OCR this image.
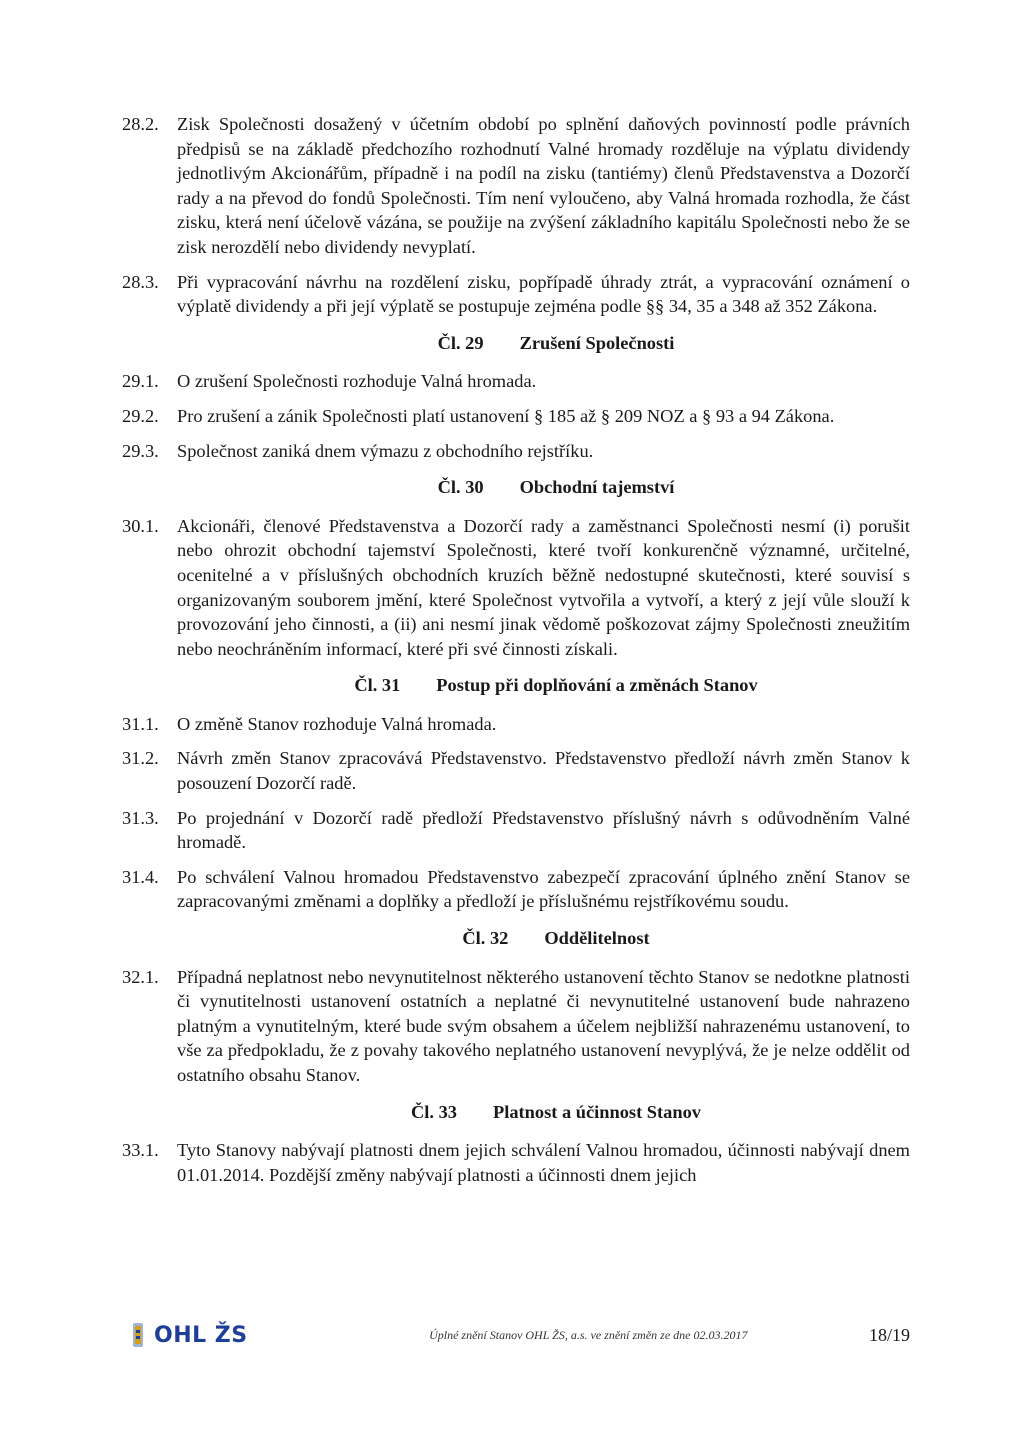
28.2. Zisk Společnosti dosažený v účetním období po splnění daňových povinností podle právních předpisů se na základě předchozího rozhodnutí Valné hromady rozděluje na výplatu dividendy jednotlivým Akcionářům, případně i na podíl na zisku (tantiémy) členů Představenstva a Dozorčí rady a na převod do fondů Společnosti. Tím není vyloučeno, aby Valná hromada rozhodla, že část zisku, která není účelově vázána, se použije na zvýšení základního kapitálu Společnosti nebo že se zisk nerozdělí nebo dividendy nevyplatí.
28.3. Při vypracování návrhu na rozdělení zisku, popřípadě úhrady ztrát, a vypracování oznámení o výplatě dividendy a při její výplatě se postupuje zejména podle §§ 34, 35 a 348 až 352 Zákona.
Čl. 29 Zrušení Společnosti
29.1. O zrušení Společnosti rozhoduje Valná hromada.
29.2. Pro zrušení a zánik Společnosti platí ustanovení § 185 až § 209 NOZ a § 93 a 94 Zákona.
29.3. Společnost zaniká dnem výmazu z obchodního rejstříku.
Čl. 30 Obchodní tajemství
30.1. Akcionáři, členové Představenstva a Dozorčí rady a zaměstnanci Společnosti nesmí (i) porušit nebo ohrozit obchodní tajemství Společnosti, které tvoří konkurenčně významné, určitelné, ocenitelné a v příslušných obchodních kruzích běžně nedostupné skutečnosti, které souvisí s organizovaným souborem jmění, které Společnost vytvořila a vytvoří, a který z její vůle slouží k provozování jeho činnosti, a (ii) ani nesmí jinak vědomě poškozovat zájmy Společnosti zneužitím nebo neochráněním informací, které při své činnosti získali.
Čl. 31 Postup při doplňování a změnách Stanov
31.1. O změně Stanov rozhoduje Valná hromada.
31.2. Návrh změn Stanov zpracovává Představenstvo. Představenstvo předloží návrh změn Stanov k posouzení Dozorčí radě.
31.3. Po projednání v Dozorčí radě předloží Představenstvo příslušný návrh s odůvodněním Valné hromadě.
31.4. Po schválení Valnou hromadou Představenstvo zabezpečí zpracování úplného znění Stanov se zapracovanými změnami a doplňky a předloží je příslušnému rejstříkovému soudu.
Čl. 32 Oddělitelnost
32.1. Případná neplatnost nebo nevynutitelnost některého ustanovení těchto Stanov se nedotkne platnosti či vynutitelnosti ustanovení ostatních a neplatné či nevynutitelné ustanovení bude nahrazeno platným a vynutitelným, které bude svým obsahem a účelem nejbližší nahrazenému ustanovení, to vše za předpokladu, že z povahy takového neplatného ustanovení nevyplývá, že je nelze oddělit od ostatního obsahu Stanov.
Čl. 33 Platnost a účinnost Stanov
33.1. Tyto Stanovy nabývají platnosti dnem jejich schválení Valnou hromadou, účinnosti nabývají dnem 01.01.2014. Pozdější změny nabývají platnosti a účinnosti dnem jejich
OHL ŽS	Úplné znění Stanov OHL ŽS, a.s. ve znění změn ze dne 02.03.2017	18/19
